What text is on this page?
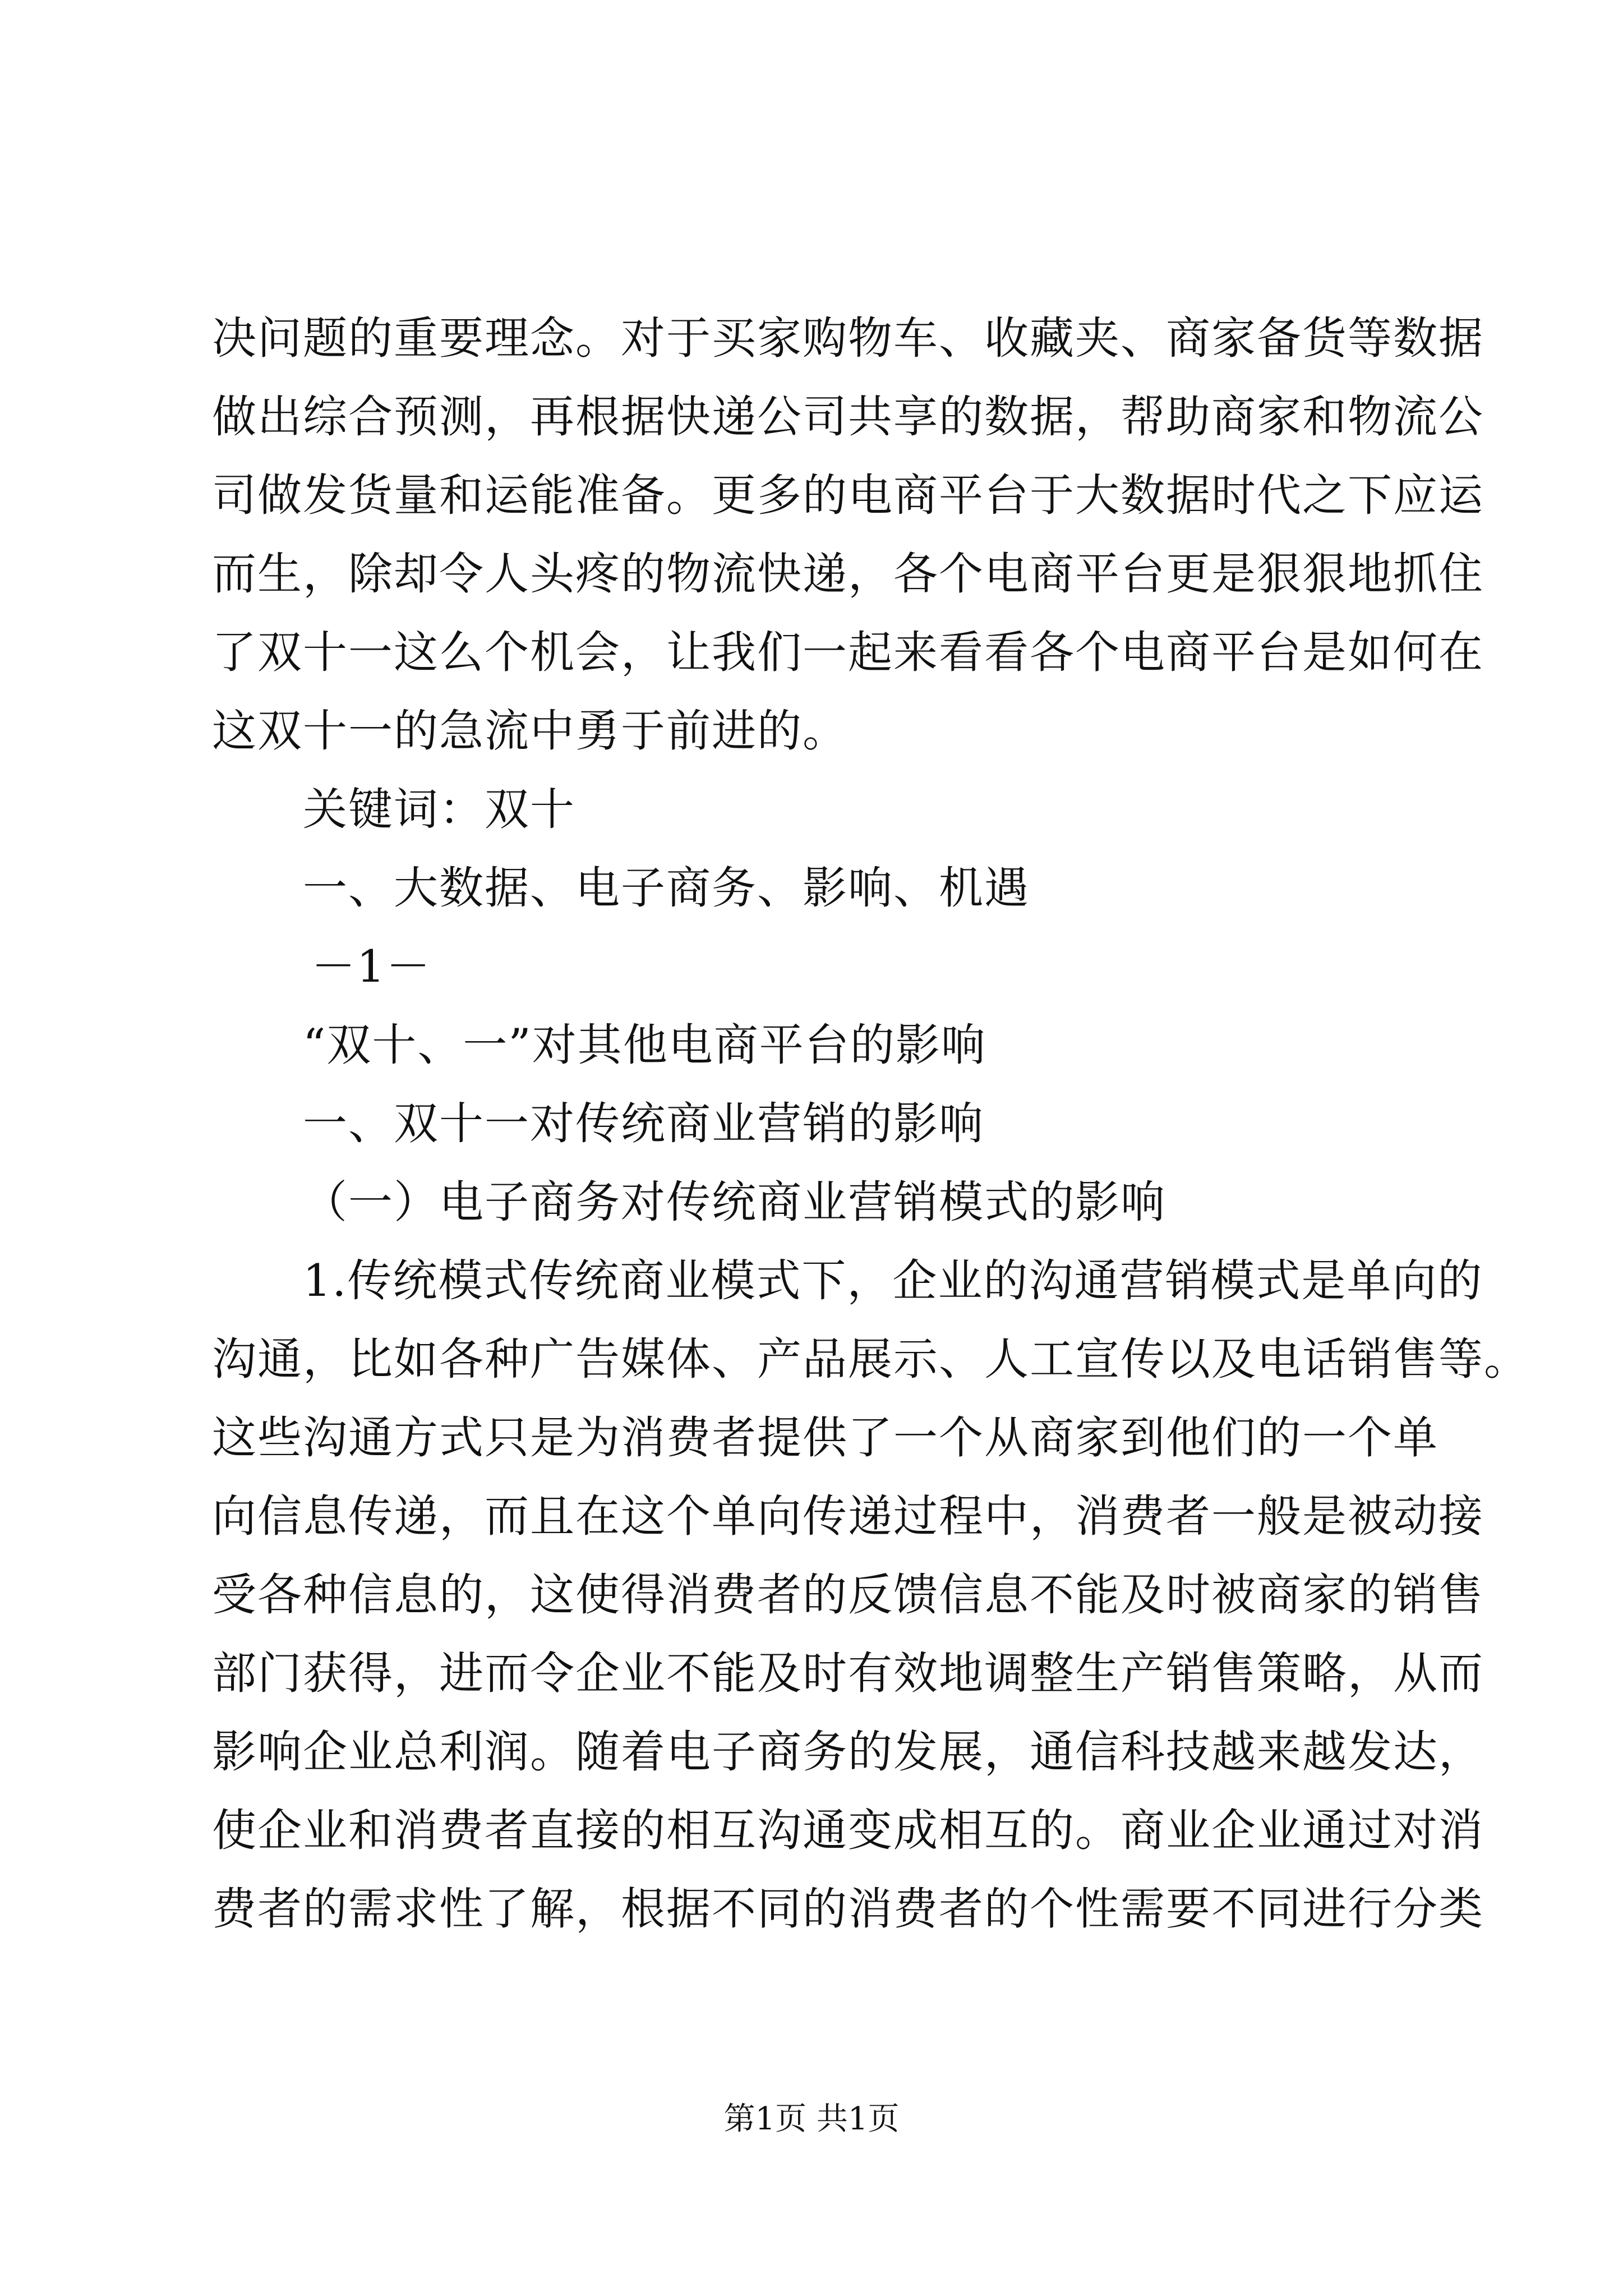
决问题的重要理念。对于买家购物车、收藏夹、商家备货等数据
做出综合预测，再根据快递公司共享的数据，帮助商家和物流公
司做发货量和运能准备。更多的电商平台于大数据时代之下应运
而生，除却令人头疼的物流快递，各个电商平台更是狠狠地抓住
了双十一这么个机会，让我们一起来看看各个电商平台是如何在
这双十一的急流中勇于前进的。
关键词：双十
一、大数据、电子商务、影响、机遇
－1－
“双十、一”对其他电商平台的影响
一、双十一对传统商业营销的影响
（一）电子商务对传统商业营销模式的影响
1.传统模式传统商业模式下，企业的沟通营销模式是单向的
沟通，比如各种广告媒体、产品展示、人工宣传以及电话销售等。
这些沟通方式只是为消费者提供了一个从商家到他们的一个单
向信息传递，而且在这个单向传递过程中，消费者一般是被动接
受各种信息的，这使得消费者的反馈信息不能及时被商家的销售
部门获得，进而令企业不能及时有效地调整生产销售策略，从而
影响企业总利润。随着电子商务的发展，通信科技越来越发达，
使企业和消费者直接的相互沟通变成相互的。商业企业通过对消
费者的需求性了解，根据不同的消费者的个性需要不同进行分类
第1页 共1页
